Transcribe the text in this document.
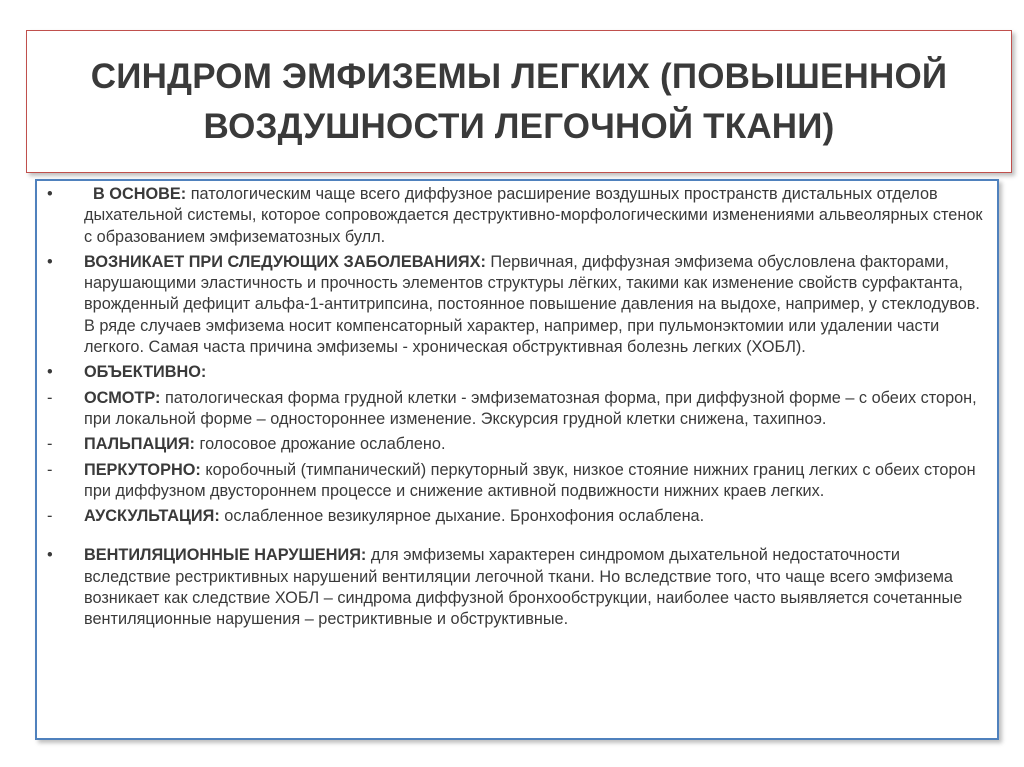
СИНДРОМ ЭМФИЗЕМЫ ЛЕГКИХ (ПОВЫШЕННОЙ
ВОЗДУШНОСТИ ЛЕГОЧНОЙ ТКАНИ)
•	В ОСНОВЕ: патологическим чаще всего диффузное расширение воздушных пространств дистальных отделов дыхательной системы, которое сопровождается деструктивно-морфологическими изменениями альвеолярных стенок с образованием эмфизематозных булл.
•	ВОЗНИКАЕТ ПРИ СЛЕДУЮЩИХ ЗАБОЛЕВАНИЯХ: Первичная, диффузная эмфизема обусловлена факторами, нарушающими эластичность и прочность элементов структуры лёгких, такими как изменение свойств сурфактанта, врожденный дефицит альфа-1-антитрипсина, постоянное повышение давления на выдохе, например, у стеклодувов. В ряде случаев эмфизема носит компенсаторный характер, например, при пульмонэктомии или удалении части легкого. Самая часта причина эмфиземы - хроническая обструктивная болезнь легких (ХОБЛ).
•	ОБЪЕКТИВНО:
-	ОСМОТР: патологическая форма грудной клетки - эмфизематозная форма, при диффузной форме – с обеих сторон, при локальной форме – одностороннее изменение. Экскурсия грудной клетки снижена, тахипноэ.
-	ПАЛЬПАЦИЯ: голосовое дрожание ослаблено.
-	ПЕРКУТОРНО: коробочный (тимпанический) перкуторный звук, низкое стояние нижних границ легких с обеих сторон при диффузном двустороннем процессе и снижение активной подвижности нижних краев легких.
-	АУСКУЛЬТАЦИЯ: ослабленное везикулярное дыхание. Бронхофония ослаблена.
•	ВЕНТИЛЯЦИОННЫЕ НАРУШЕНИЯ: для эмфиземы характерен синдромом дыхательной недостаточности вследствие рестриктивных нарушений вентиляции легочной ткани. Но вследствие того, что чаще всего эмфизема возникает как следствие ХОБЛ – синдрома диффузной бронхообструкции, наиболее часто выявляется сочетанные вентиляционные нарушения – рестриктивные и обструктивные.
